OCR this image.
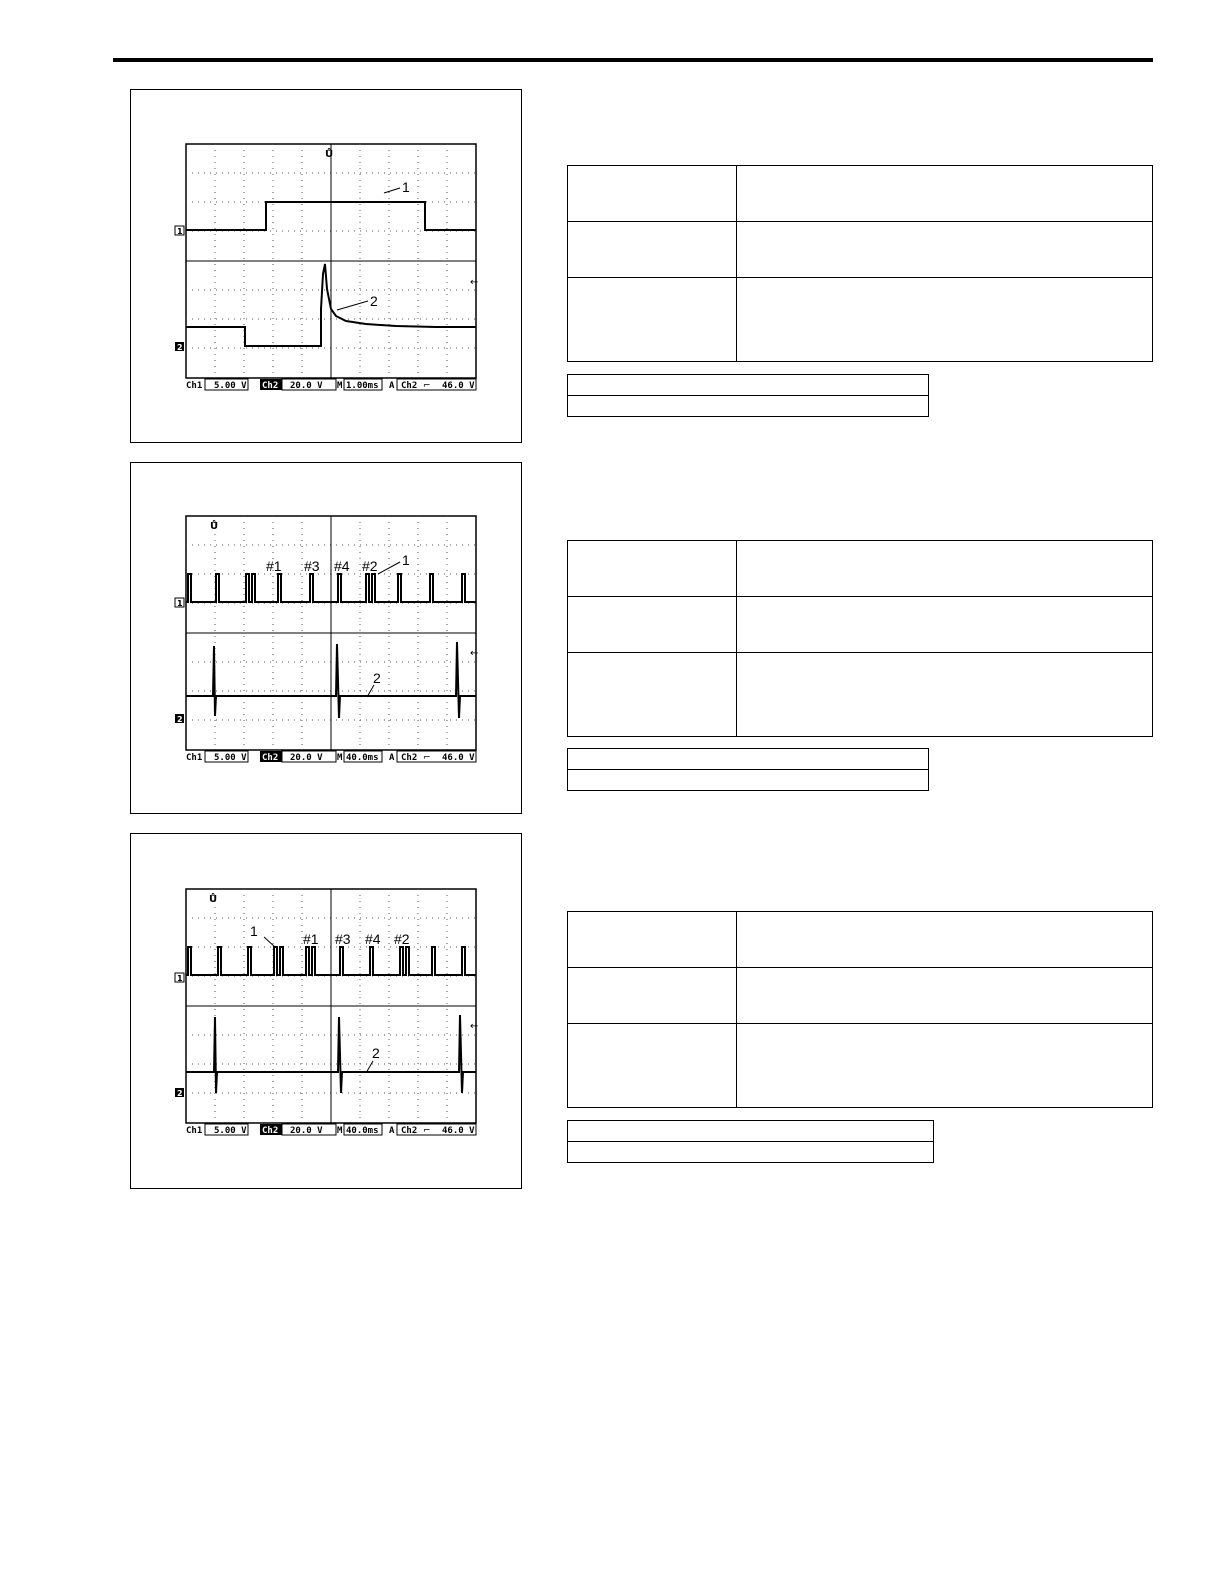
Ů
←
1
2
1
2
Ch1 5.00 V Ch2 20.0 V M 1.00ms A Ch2 ⌐ 46.0 V

Ů
←
#1 #3 #4 #2 1
2
1
2
Ch1 5.00 V Ch2 20.0 V M 40.0ms A Ch2 ⌐ 46.0 V

Ů
←
1	#1 #3 #4 #2
2
1
2
Ch1 5.00 V Ch2 20.0 V M 40.0ms A Ch2 ⌐ 46.0 V
